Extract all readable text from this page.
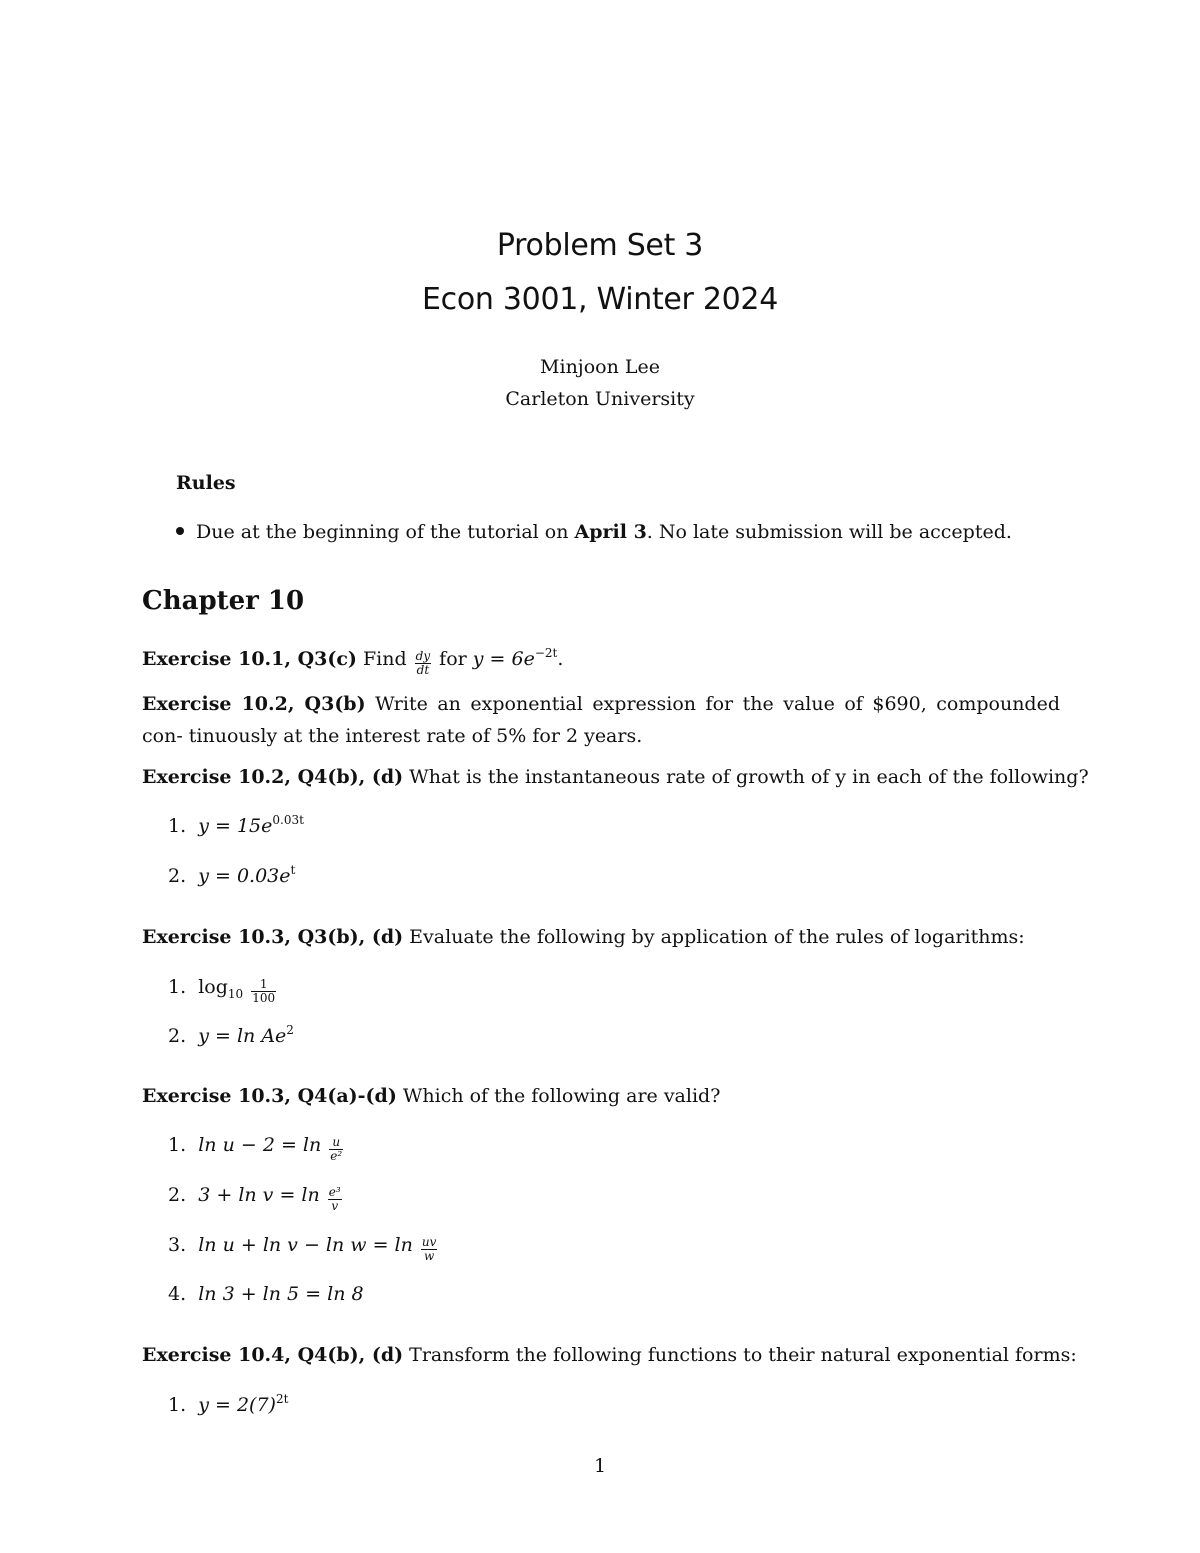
Problem Set 3
Econ 3001, Winter 2024
Minjoon Lee
Carleton University
Rules
Due at the beginning of the tutorial on April 3. No late submission will be accepted.
Chapter 10
Exercise 10.1, Q3(c) Find $\frac{dy}{dt}$ for $y = 6e^{-2t}$.
Exercise 10.2, Q3(b) Write an exponential expression for the value of $690, compounded con- tinuously at the interest rate of 5% for 2 years.
Exercise 10.2, Q4(b), (d) What is the instantaneous rate of growth of y in each of the following?
1. $y = 15e^{0.03t}$
2. $y = 0.03e^t$
Exercise 10.3, Q3(b), (d) Evaluate the following by application of the rules of logarithms:
1. $\log_{10} \frac{1}{100}$
2. y = ln Ae$^2$
Exercise 10.3, Q4(a)-(d) Which of the following are valid?
1. $\ln u - 2 = \ln \frac{u}{\text{e²}}$
2. $3 + \ln v = \ln \frac{\text{e³}}{v}$
3. $\ln u + \ln v - \ln w = \ln \frac{uv}{w}$
4. ln 3 + ln 5 = ln 8
Exercise 10.4, Q4(b), (d) Transform the following functions to their natural exponential forms:
1. $y = 2(7)^{2t}$
1
